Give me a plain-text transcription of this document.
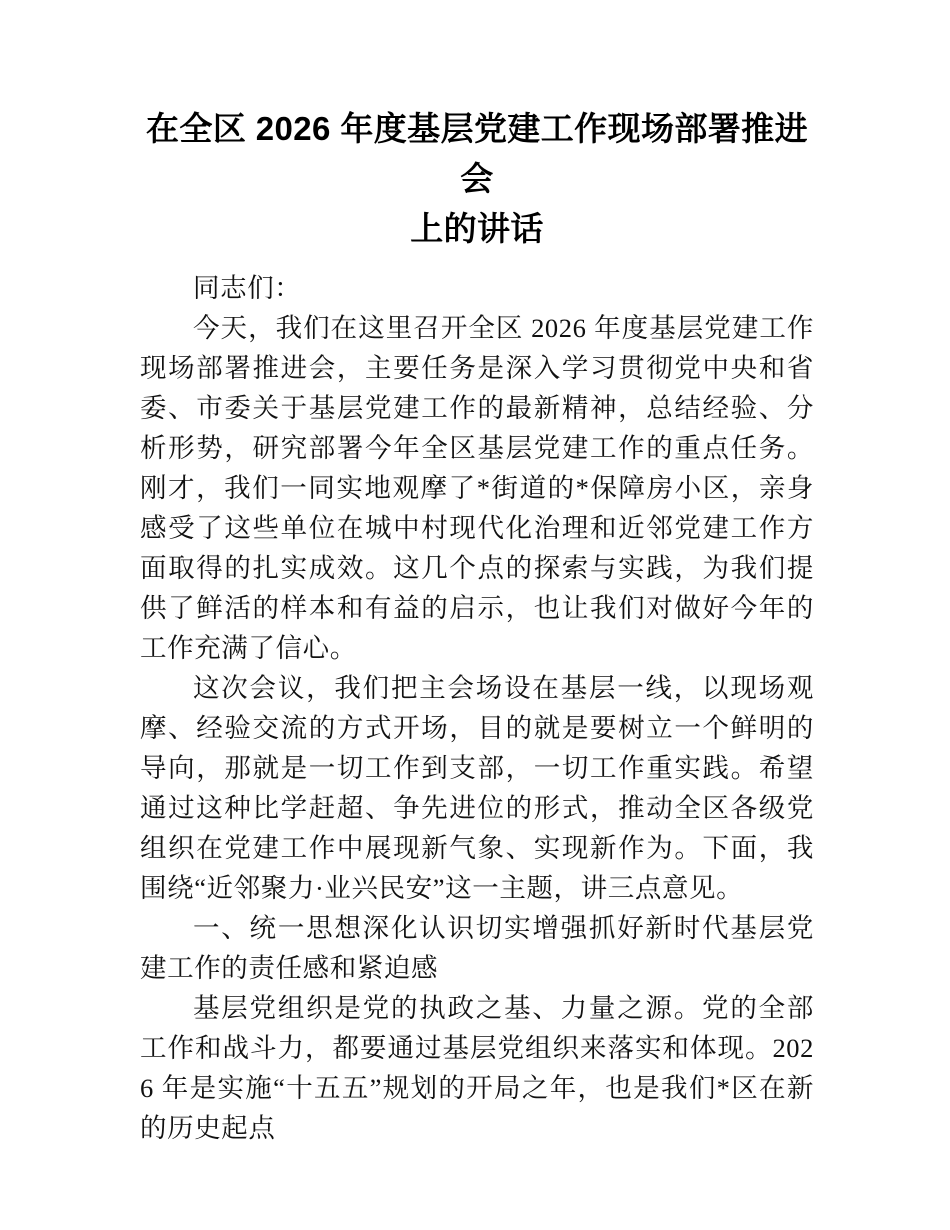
在全区 2026 年度基层党建工作现场部署推进会
上的讲话

同志们：

今天，我们在这里召开全区 2026 年度基层党建工作现场部署推进会，主要任务是深入学习贯彻党中央和省委、市委关于基层党建工作的最新精神，总结经验、分析形势，研究部署今年全区基层党建工作的重点任务。刚才，我们一同实地观摩了*街道的*保障房小区，亲身感受了这些单位在城中村现代化治理和近邻党建工作方面取得的扎实成效。这几个点的探索与实践，为我们提供了鲜活的样本和有益的启示，也让我们对做好今年的工作充满了信心。

这次会议，我们把主会场设在基层一线，以现场观摩、经验交流的方式开场，目的就是要树立一个鲜明的导向，那就是一切工作到支部，一切工作重实践。希望通过这种比学赶超、争先进位的形式，推动全区各级党组织在党建工作中展现新气象、实现新作为。下面，我围绕“近邻聚力·业兴民安”这一主题，讲三点意见。

一、统一思想深化认识切实增强抓好新时代基层党建工作的责任感和紧迫感

基层党组织是党的执政之基、力量之源。党的全部工作和战斗力，都要通过基层党组织来落实和体现。2026 年是实施“十五五”规划的开局之年，也是我们*区在新的历史起点
